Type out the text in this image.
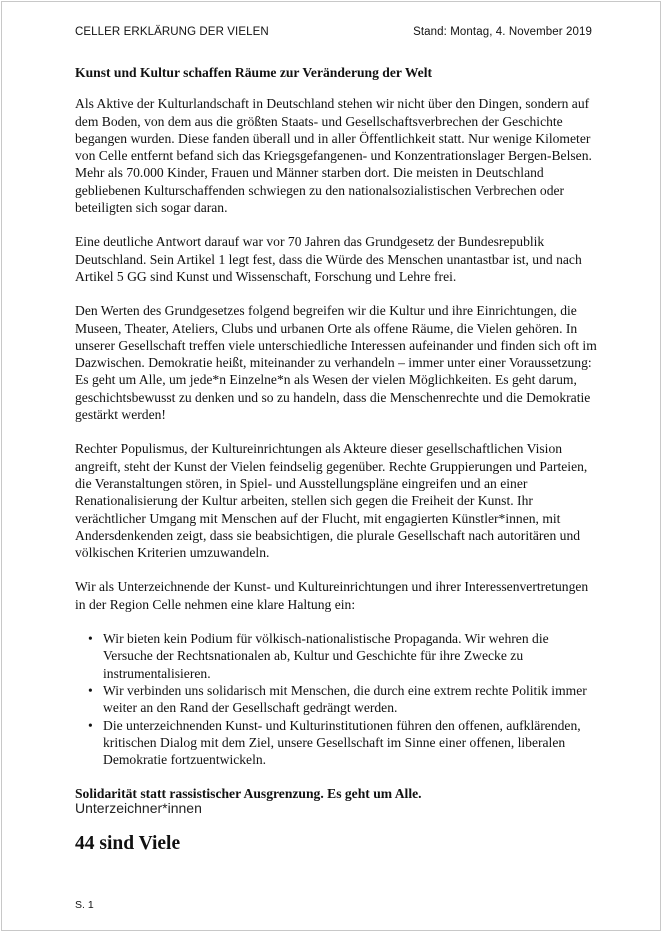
CELLER ERKLÄRUNG DER VIELEN	Stand: Montag, 4. November 2019
Kunst und Kultur schaffen Räume zur Veränderung der Welt

Als Aktive der Kulturlandschaft in Deutschland stehen wir nicht über den Dingen, sondern auf dem Boden, von dem aus die größten Staats- und Gesellschaftsverbrechen der Geschichte begangen wurden. Diese fanden überall und in aller Öffentlichkeit statt. Nur wenige Kilometer von Celle entfernt befand sich das Kriegsgefangenen- und Konzentrationslager Bergen-Belsen. Mehr als 70.000 Kinder, Frauen und Männer starben dort. Die meisten in Deutschland gebliebenen Kulturschaffenden schwiegen zu den nationalsozialistischen Verbrechen oder beteiligten sich sogar daran.

Eine deutliche Antwort darauf war vor 70 Jahren das Grundgesetz der Bundesrepublik Deutschland. Sein Artikel 1 legt fest, dass die Würde des Menschen unantastbar ist, und nach Artikel 5 GG sind Kunst und Wissenschaft, Forschung und Lehre frei.

Den Werten des Grundgesetzes folgend begreifen wir die Kultur und ihre Einrichtungen, die Museen, Theater, Ateliers, Clubs und urbanen Orte als offene Räume, die Vielen gehören. In unserer Gesellschaft treffen viele unterschiedliche Interessen aufeinander und finden sich oft im Dazwischen. Demokratie heißt, miteinander zu verhandeln – immer unter einer Voraussetzung: Es geht um Alle, um jede*n Einzelne*n als Wesen der vielen Möglichkeiten. Es geht darum, geschichtsbewusst zu denken und so zu handeln, dass die Menschenrechte und die Demokratie gestärkt werden!

Rechter Populismus, der Kultureinrichtungen als Akteure dieser gesellschaftlichen Vision angreift, steht der Kunst der Vielen feindselig gegenüber. Rechte Gruppierungen und Parteien, die Veranstaltungen stören, in Spiel- und Ausstellungspläne eingreifen und an einer Renationalisierung der Kultur arbeiten, stellen sich gegen die Freiheit der Kunst. Ihr verächtlicher Umgang mit Menschen auf der Flucht, mit engagierten Künstler*innen, mit Andersdenkenden zeigt, dass sie beabsichtigen, die plurale Gesellschaft nach autoritären und völkischen Kriterien umzuwandeln.

Wir als Unterzeichnende der Kunst- und Kultureinrichtungen und ihrer Interessenvertretungen in der Region Celle nehmen eine klare Haltung ein:

• Wir bieten kein Podium für völkisch-nationalistische Propaganda. Wir wehren die Versuche der Rechtsnationalen ab, Kultur und Geschichte für ihre Zwecke zu instrumentalisieren.
• Wir verbinden uns solidarisch mit Menschen, die durch eine extrem rechte Politik immer weiter an den Rand der Gesellschaft gedrängt werden.
• Die unterzeichnenden Kunst- und Kulturinstitutionen führen den offenen, aufklärenden, kritischen Dialog mit dem Ziel, unsere Gesellschaft im Sinne einer offenen, liberalen Demokratie fortzuentwickeln.

Solidarität statt rassistischer Ausgrenzung. Es geht um Alle.

Unterzeichner*innen
44 sind Viele
S. 1
